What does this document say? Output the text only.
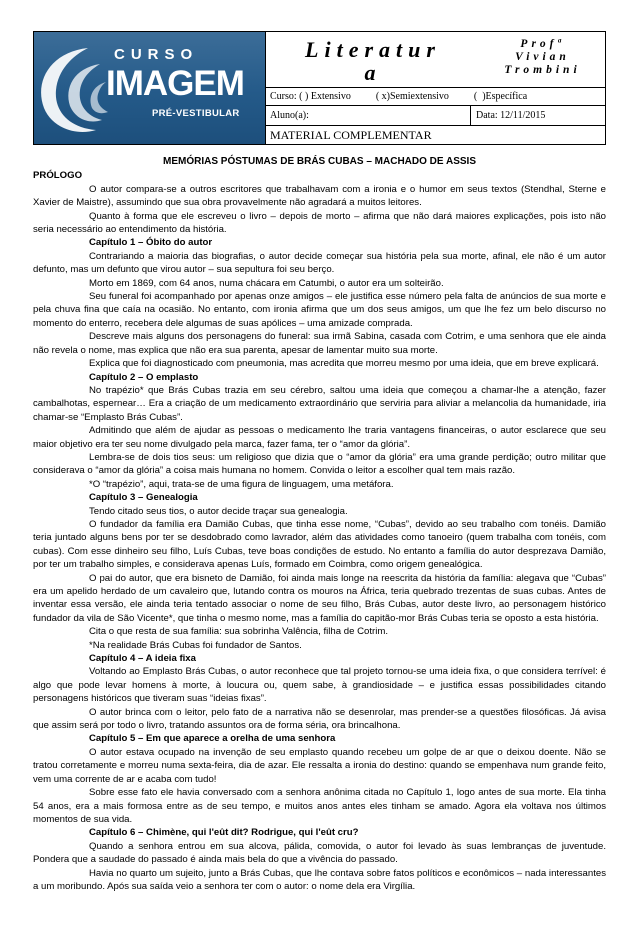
CURSO
IMAGEM
PRÉ-VESTIBULAR
Literatur
a
Profª
Vivian
Trombini
Curso: ( ) Extensivo          ( x)Semiextensivo          (  )Específica
Aluno(a):	Data: 12/11/2015
MATERIAL COMPLEMENTAR
MEMÓRIAS PÓSTUMAS DE BRÁS CUBAS – MACHADO DE ASSIS

PRÓLOGO

O autor compara-se a outros escritores que trabalhavam com a ironia e o humor em seus textos (Stendhal, Sterne e Xavier de Maistre), assumindo que sua obra provavelmente não agradará a muitos leitores.

Quanto à forma que ele escreveu o livro – depois de morto – afirma que não dará maiores explicações, pois isto não seria necessário ao entendimento da história.

Capítulo 1 – Óbito do autor

Contrariando a maioria das biografias, o autor decide começar sua história pela sua morte, afinal, ele não é um autor defunto, mas um defunto que virou autor – sua sepultura foi seu berço.

Morto em 1869, com 64 anos, numa chácara em Catumbi, o autor era um solteirão.

Seu funeral foi acompanhado por apenas onze amigos – ele justifica esse número pela falta de anúncios de sua morte e pela chuva fina que caía na ocasião. No entanto, com ironia afirma que um dos seus amigos, um que lhe fez um belo discurso no momento do enterro, recebera dele algumas de suas apólices – uma amizade comprada.

Descreve mais alguns dos personagens do funeral: sua irmã Sabina, casada com Cotrim, e uma senhora que ele ainda não revela o nome, mas explica que não era sua parenta, apesar de lamentar muito sua morte.

Explica que foi diagnosticado com pneumonia, mas acredita que morreu mesmo por uma ideia, que em breve explicará.

Capítulo 2 – O emplasto

No trapézio* que Brás Cubas trazia em seu cérebro, saltou uma ideia que começou a chamar-lhe a atenção, fazer cambalhotas, espernear… Era a criação de um medicamento extraordinário que serviria para aliviar a melancolia da humanidade, iria chamar-se “Emplasto Brás Cubas”.

Admitindo que além de ajudar as pessoas o medicamento lhe traria vantagens financeiras, o autor esclarece que seu maior objetivo era ter seu nome divulgado pela marca, fazer fama, ter o “amor da glória”.

Lembra-se de dois tios seus: um religioso que dizia que o “amor da glória” era uma grande perdição; outro militar que considerava o “amor da glória” a coisa mais humana no homem. Convida o leitor a escolher qual tem mais razão.

*O “trapézio”, aqui, trata-se de uma figura de linguagem, uma metáfora.

Capítulo 3 – Genealogia

Tendo citado seus tios, o autor decide traçar sua genealogia.

O fundador da família era Damião Cubas, que tinha esse nome, “Cubas”, devido ao seu trabalho com tonéis. Damião teria juntado alguns bens por ter se desdobrado como lavrador, além das atividades como tanoeiro (quem trabalha com tonéis, com cubas). Com esse dinheiro seu filho, Luís Cubas, teve boas condições de estudo. No entanto a família do autor desprezava Damião, por ter um trabalho simples, e considerava apenas Luís, formado em Coimbra, como origem genealógica.

O pai do autor, que era bisneto de Damião, foi ainda mais longe na reescrita da história da família: alegava que “Cubas” era um apelido herdado de um cavaleiro que, lutando contra os mouros na África, teria quebrado trezentas de suas cubas. Antes de inventar essa versão, ele ainda teria tentado associar o nome de seu filho, Brás Cubas, autor deste livro, ao personagem histórico fundador da vila de São Vicente*, que tinha o mesmo nome, mas a família do capitão-mor Brás Cubas teria se oposto a esta história.

Cita o que resta de sua família: sua sobrinha Valência, filha de Cotrim.

*Na realidade Brás Cubas foi fundador de Santos.

Capítulo 4 – A ideia fixa

Voltando ao Emplasto Brás Cubas, o autor reconhece que tal projeto tornou-se uma ideia fixa, o que considera terrível: é algo que pode levar homens à morte, à loucura ou, quem sabe, à grandiosidade – e justifica essas possibilidades citando personagens históricos que tiveram suas “ideias fixas”.

O autor brinca com o leitor, pelo fato de a narrativa não se desenrolar, mas prender-se a questões filosóficas. Já avisa que assim será por todo o livro, tratando assuntos ora de forma séria, ora brincalhona.

Capítulo 5 – Em que aparece a orelha de uma senhora

O autor estava ocupado na invenção de seu emplasto quando recebeu um golpe de ar que o deixou doente. Não se tratou corretamente e morreu numa sexta-feira, dia de azar. Ele ressalta a ironia do destino: quando se empenhava num grande feito, vem uma corrente de ar e acaba com tudo!

Sobre esse fato ele havia conversado com a senhora anônima citada no Capítulo 1, logo antes de sua morte. Ela tinha 54 anos, era a mais formosa entre as de seu tempo, e muitos anos antes eles tinham se amado. Agora ela voltava nos últimos momentos de sua vida.

Capítulo 6 – Chimène, qui l'eût dit? Rodrigue, qui l'eût cru?

Quando a senhora entrou em sua alcova, pálida, comovida, o autor foi levado às suas lembranças de juventude. Pondera que a saudade do passado é ainda mais bela do que a vivência do passado.

Havia no quarto um sujeito, junto a Brás Cubas, que lhe contava sobre fatos políticos e econômicos – nada interessantes a um moribundo. Após sua saída veio a senhora ter com o autor: o nome dela era Virgília.
